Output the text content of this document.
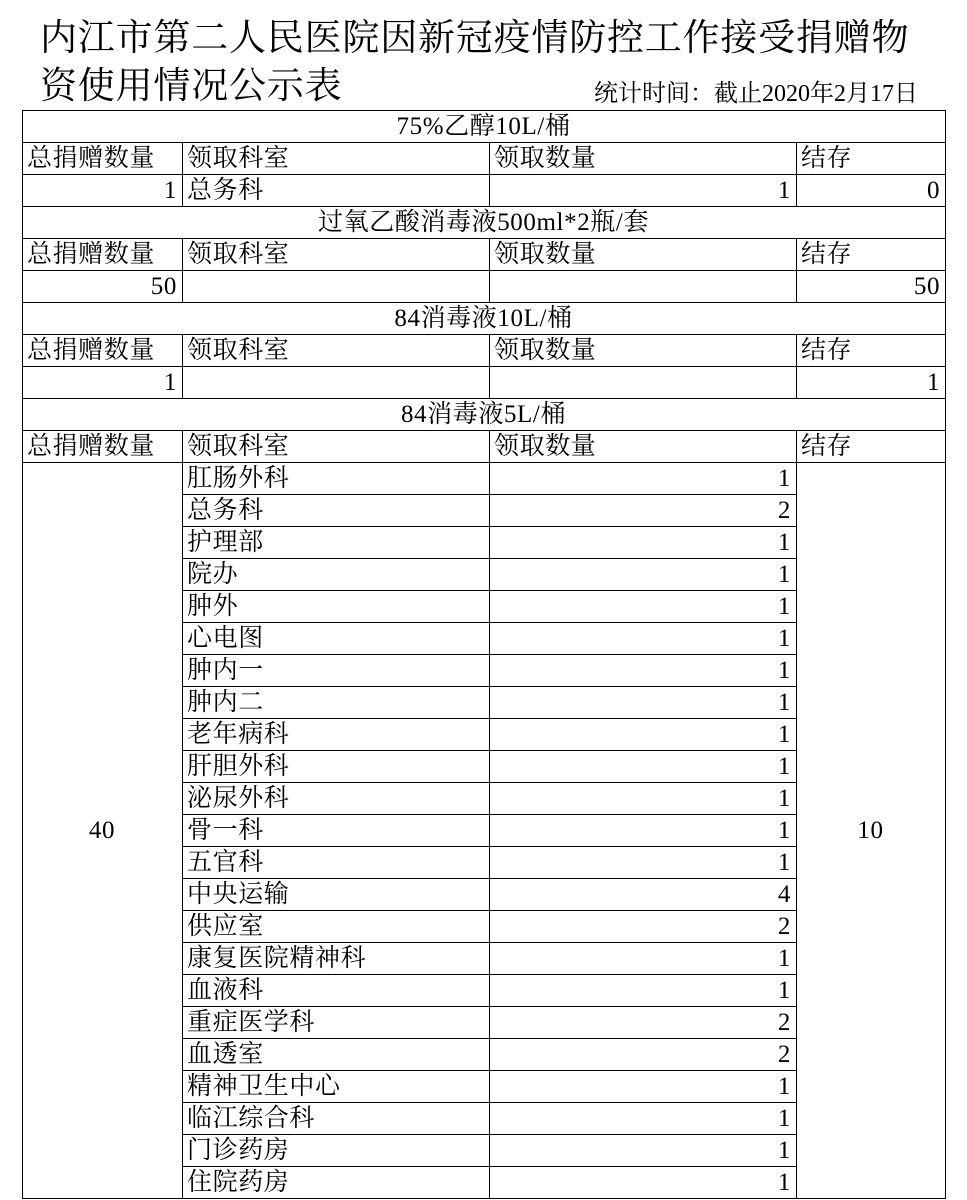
内江市第二人民医院因新冠疫情防控工作接受捐赠物
资使用情况公示表	统计时间：截止2020年2月17日
75%乙醇10L/桶			
总捐赠数量	领取科室	领取数量	结存
1	总务科	1	0
过氧乙酸消毒液500ml*2瓶/套			
总捐赠数量	领取科室	领取数量	结存
50			50
84消毒液10L/桶			
总捐赠数量	领取科室	领取数量	结存
1			1
84消毒液5L/桶			
总捐赠数量	领取科室	领取数量	结存
40	肛肠外科	1	10
	总务科	2	
	护理部	1	
	院办	1	
	肿外	1	
	心电图	1	
	肿内一	1	
	肿内二	1	
	老年病科	1	
	肝胆外科	1	
	泌尿外科	1	
	骨一科	1	
	五官科	1	
	中央运输	4	
	供应室	2	
	康复医院精神科	1	
	血液科	1	
	重症医学科	2	
	血透室	2	
	精神卫生中心	1	
	临江综合科	1	
	门诊药房	1	
	住院药房	1	
